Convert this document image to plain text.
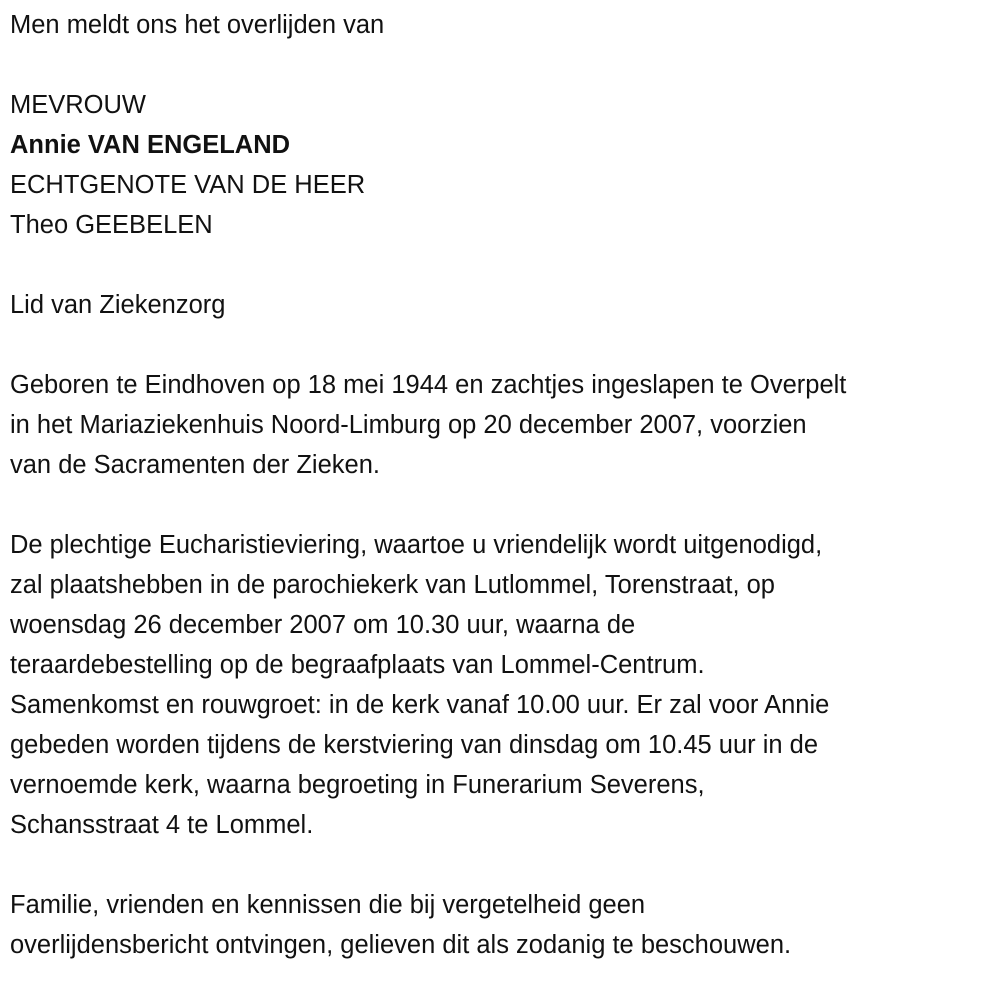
Men meldt ons het overlijden van
MEVROUW
Annie VAN ENGELAND
ECHTGENOTE VAN DE HEER
Theo GEEBELEN
Lid van Ziekenzorg
Geboren te Eindhoven op 18 mei 1944 en zachtjes ingeslapen te Overpelt
in het Mariaziekenhuis Noord-Limburg op 20 december 2007, voorzien
van de Sacramenten der Zieken.
De plechtige Eucharistieviering, waartoe u vriendelijk wordt uitgenodigd,
zal plaatshebben in de parochiekerk van Lutlommel, Torenstraat, op
woensdag 26 december 2007 om 10.30 uur, waarna de
teraardebestelling op de begraafplaats van Lommel-Centrum.
Samenkomst en rouwgroet: in de kerk vanaf 10.00 uur. Er zal voor Annie
gebeden worden tijdens de kerstviering van dinsdag om 10.45 uur in de
vernoemde kerk, waarna begroeting in Funerarium Severens,
Schansstraat 4 te Lommel.
Familie, vrienden en kennissen die bij vergetelheid geen
overlijdensbericht ontvingen, gelieven dit als zodanig te beschouwen.
